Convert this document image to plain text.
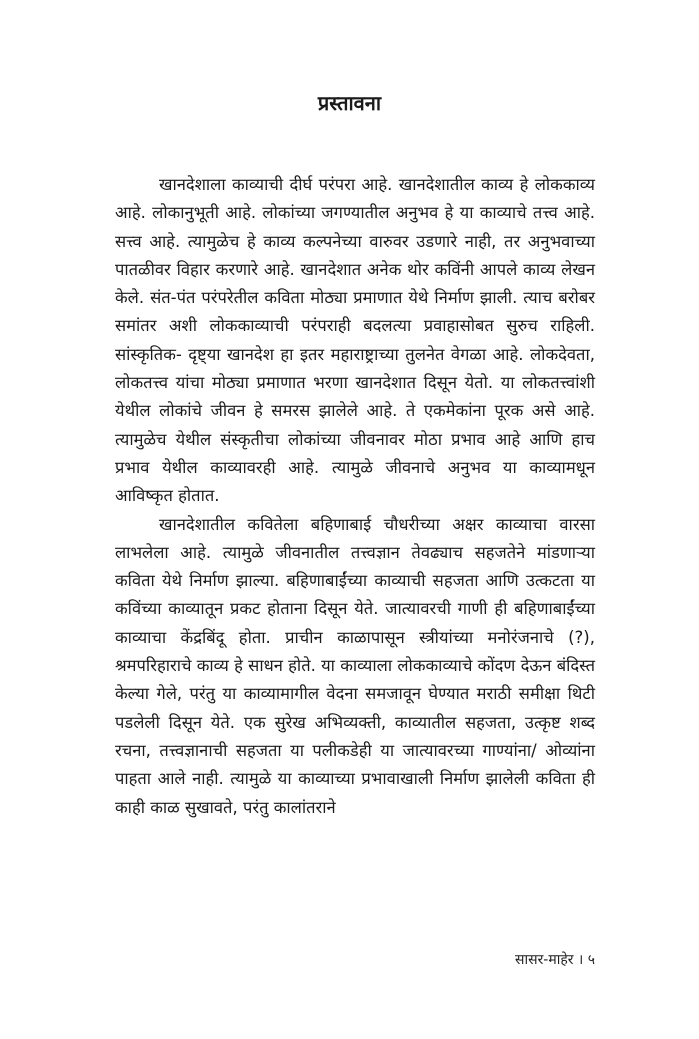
प्रस्तावना

खानदेशाला काव्याची दीर्घ परंपरा आहे. खानदेशातील काव्य हे लोककाव्य आहे. लोकानुभूती आहे. लोकांच्या जगण्यातील अनुभव हे या काव्याचे तत्त्व आहे. सत्त्व आहे. त्यामुळेच हे काव्य कल्पनेच्या वारुवर उडणारे नाही, तर अनुभवाच्या पातळीवर विहार करणारे आहे. खानदेशात अनेक थोर कविंनी आपले काव्य लेखन केले. संत-पंत परंपरेतील कविता मोठ्या प्रमाणात येथे निर्माण झाली. त्याच बरोबर समांतर अशी लोककाव्याची परंपराही बदलत्या प्रवाहासोबत सुरुच राहिली. सांस्कृतिक- दृष्ट्या खानदेश हा इतर महाराष्ट्राच्या तुलनेत वेगळा आहे. लोकदेवता, लोकतत्त्व यांचा मोठ्या प्रमाणात भरणा खानदेशात दिसून येतो. या लोकतत्त्वांशी येथील लोकांचे जीवन हे समरस झालेले आहे. ते एकमेकांना पूरक असे आहे. त्यामुळेच येथील संस्कृतीचा लोकांच्या जीवनावर मोठा प्रभाव आहे आणि हाच प्रभाव येथील काव्यावरही आहे. त्यामुळे जीवनाचे अनुभव या काव्यामधून आविष्कृत होतात.

खानदेशातील कवितेला बहिणाबाई चौधरीच्या अक्षर काव्याचा वारसा लाभलेला आहे. त्यामुळे जीवनातील तत्त्वज्ञान तेवढ्याच सहजतेने मांडणाऱ्या कविता येथे निर्माण झाल्या. बहिणाबाईंच्या काव्याची सहजता आणि उत्कटता या कविंच्या काव्यातून प्रकट होताना दिसून येते. जात्यावरची गाणी ही बहिणाबाईंच्या काव्याचा केंद्रबिंदू होता. प्राचीन काळापासून स्त्रीयांच्या मनोरंजनाचे (?), श्रमपरिहाराचे काव्य हे साधन होते. या काव्याला लोककाव्याचे कोंदण देऊन बंदिस्त केल्या गेले, परंतु या काव्यामागील वेदना समजावून घेण्यात मराठी समीक्षा थिटी पडलेली दिसून येते. एक सुरेख अभिव्यक्ती, काव्यातील सहजता, उत्कृष्ट शब्द रचना, तत्त्वज्ञानाची सहजता या पलीकडेही या जात्यावरच्या गाण्यांना/ ओव्यांना पाहता आले नाही. त्यामुळे या काव्याच्या प्रभावाखाली निर्माण झालेली कविता ही काही काळ सुखावते, परंतु कालांतराने

सासर-माहेर । ५
